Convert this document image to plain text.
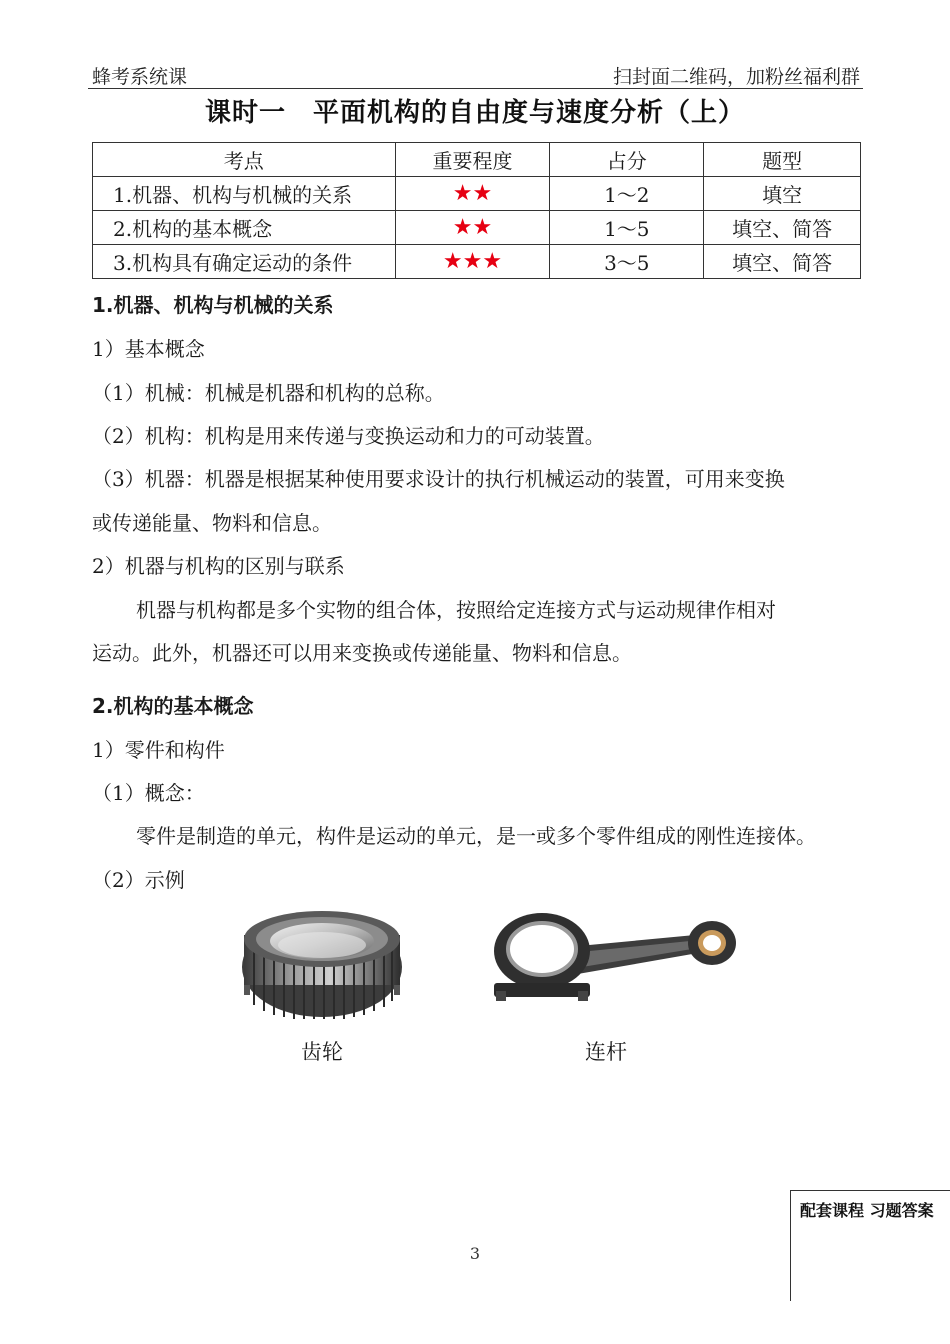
蜂考系统课	扫封面二维码，加粉丝福利群
课时一　平面机构的自由度与速度分析（上）
考点	重要程度	占分	题型
1.机器、机构与机械的关系	★★	1～2	填空
2.机构的基本概念	★★	1～5	填空、简答
3.机构具有确定运动的条件	★★★	3～5	填空、简答
1.机器、机构与机械的关系
1）基本概念
（1）机械：机械是机器和机构的总称。
（2）机构：机构是用来传递与变换运动和力的可动装置。
（3）机器：机器是根据某种使用要求设计的执行机械运动的装置，可用来变换
或传递能量、物料和信息。
2）机器与机构的区别与联系
机器与机构都是多个实物的组合体，按照给定连接方式与运动规律作相对
运动。此外，机器还可以用来变换或传递能量、物料和信息。
2.机构的基本概念
1）零件和构件
（1）概念：
零件是制造的单元，构件是运动的单元，是一或多个零件组成的刚性连接体。
（2）示例
齿轮	连杆
配套课程 习题答案
3
